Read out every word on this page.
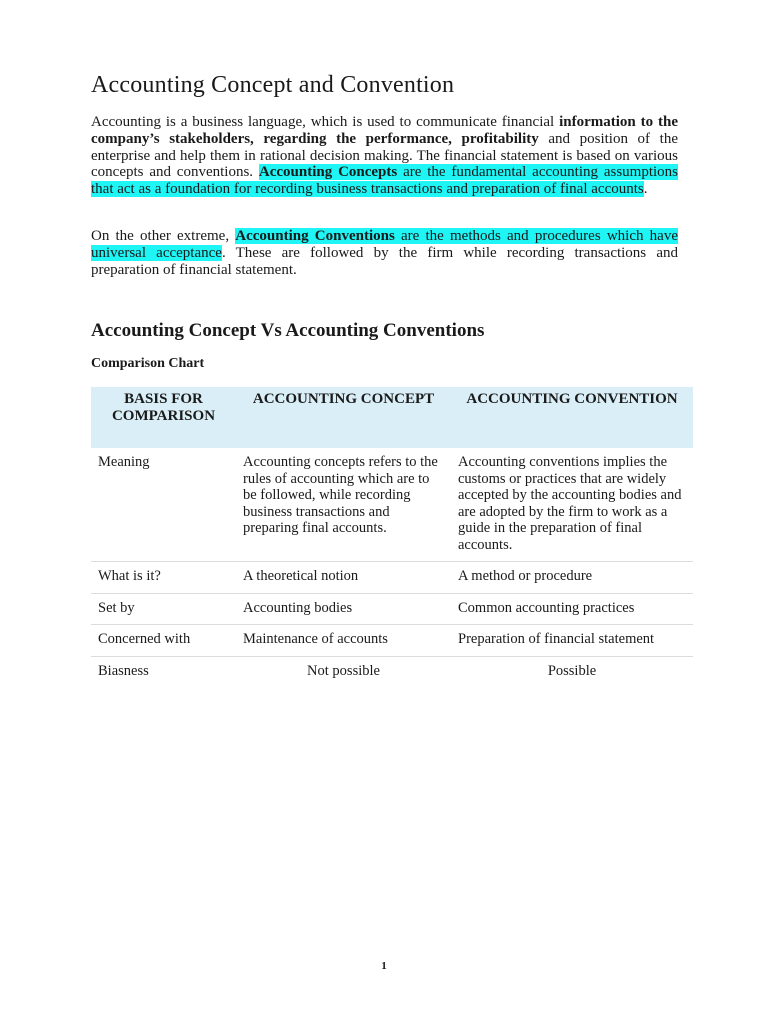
Accounting Concept and Convention

Accounting is a business language, which is used to communicate financial information to the company’s stakeholders, regarding the performance, profitability and position of the enterprise and help them in rational decision making. The financial statement is based on various concepts and conventions. Accounting Concepts are the fundamental accounting assumptions that act as a foundation for recording business transactions and preparation of final accounts.

On the other extreme, Accounting Conventions are the methods and procedures which have universal acceptance. These are followed by the firm while recording transactions and preparation of financial statement.

Accounting Concept Vs Accounting Conventions
Comparison Chart
BASIS FOR COMPARISON	ACCOUNTING CONCEPT	ACCOUNTING CONVENTION
Meaning	Accounting concepts refers to the rules of accounting which are to be followed, while recording business transactions and preparing final accounts.	Accounting conventions implies the customs or practices that are widely accepted by the accounting bodies and are adopted by the firm to work as a guide in the preparation of final accounts.
What is it?	A theoretical notion	A method or procedure
Set by	Accounting bodies	Common accounting practices
Concerned with	Maintenance of accounts	Preparation of financial statement
Biasness	Not possible	Possible
1
